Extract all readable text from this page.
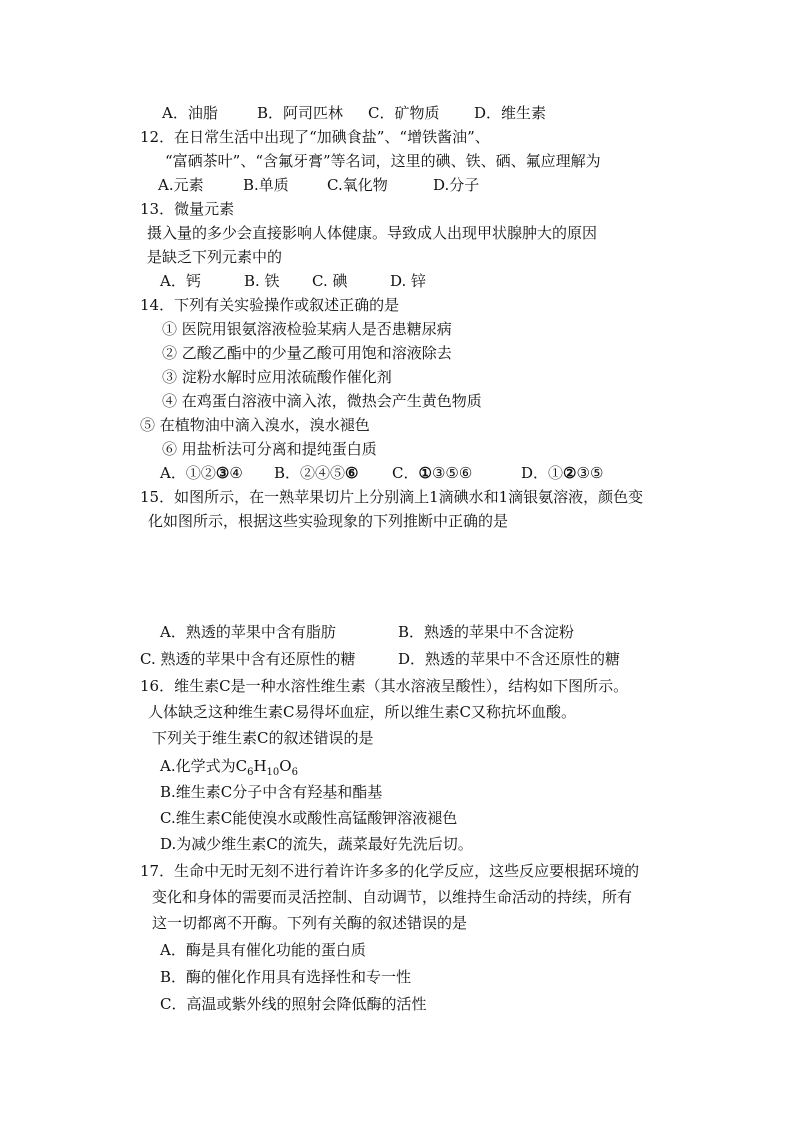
A．油脂	B．阿司匹林 C．矿物质 D．维生素
12．在日常生活中出现了“加碘食盐”、“增铁酱油”、
“富硒茶叶”、“含氟牙膏”等名词，这里的碘、铁、硒、氟应理解为
A.元素	B.单质	C.氧化物	D.分子
13．微量元素
摄入量的多少会直接影响人体健康。导致成人出现甲状腺肿大的原因
是缺乏下列元素中的
A．钙	B. 铁 C. 碘	D. 锌
14．下列有关实验操作或叙述正确的是
① 医院用银氨溶液检验某病人是否患糖尿病
② 乙酸乙酯中的少量乙酸可用饱和溶液除去
③ 淀粉水解时应用浓硫酸作催化剂
④ 在鸡蛋白溶液中滴入浓，微热会产生黄色物质
⑤ 在植物油中滴入溴水，溴水褪色
⑥ 用盐析法可分离和提纯蛋白质
A．①②③④ B．②④⑤⑥ C．①③⑤⑥	D．①②③⑤
15．如图所示，在一熟苹果切片上分别滴上1滴碘水和1滴银氨溶液，颜色变
化如图所示，根据这些实验现象的下列推断中正确的是
A．熟透的苹果中含有脂肪	B．熟透的苹果中不含淀粉
C. 熟透的苹果中含有还原性的糖	D．熟透的苹果中不含还原性的糖
16．维生素C是一种水溶性维生素（其水溶液呈酸性），结构如下图所示。
人体缺乏这种维生素C易得坏血症，所以维生素C又称抗坏血酸。
下列关于维生素C的叙述错误的是
A.化学式为$C_6H_{10}O_6$
B.维生素C分子中含有羟基和酯基
C.维生素C能使溴水或酸性高锰酸钾溶液褪色
D.为减少维生素C的流失，蔬菜最好先洗后切。
17．生命中无时无刻不进行着许许多多的化学反应，这些反应要根据环境的
变化和身体的需要而灵活控制、自动调节，以维持生命活动的持续，所有
这一切都离不开酶。下列有关酶的叙述错误的是
A．酶是具有催化功能的蛋白质
B．酶的催化作用具有选择性和专一性
C．高温或紫外线的照射会降低酶的活性
